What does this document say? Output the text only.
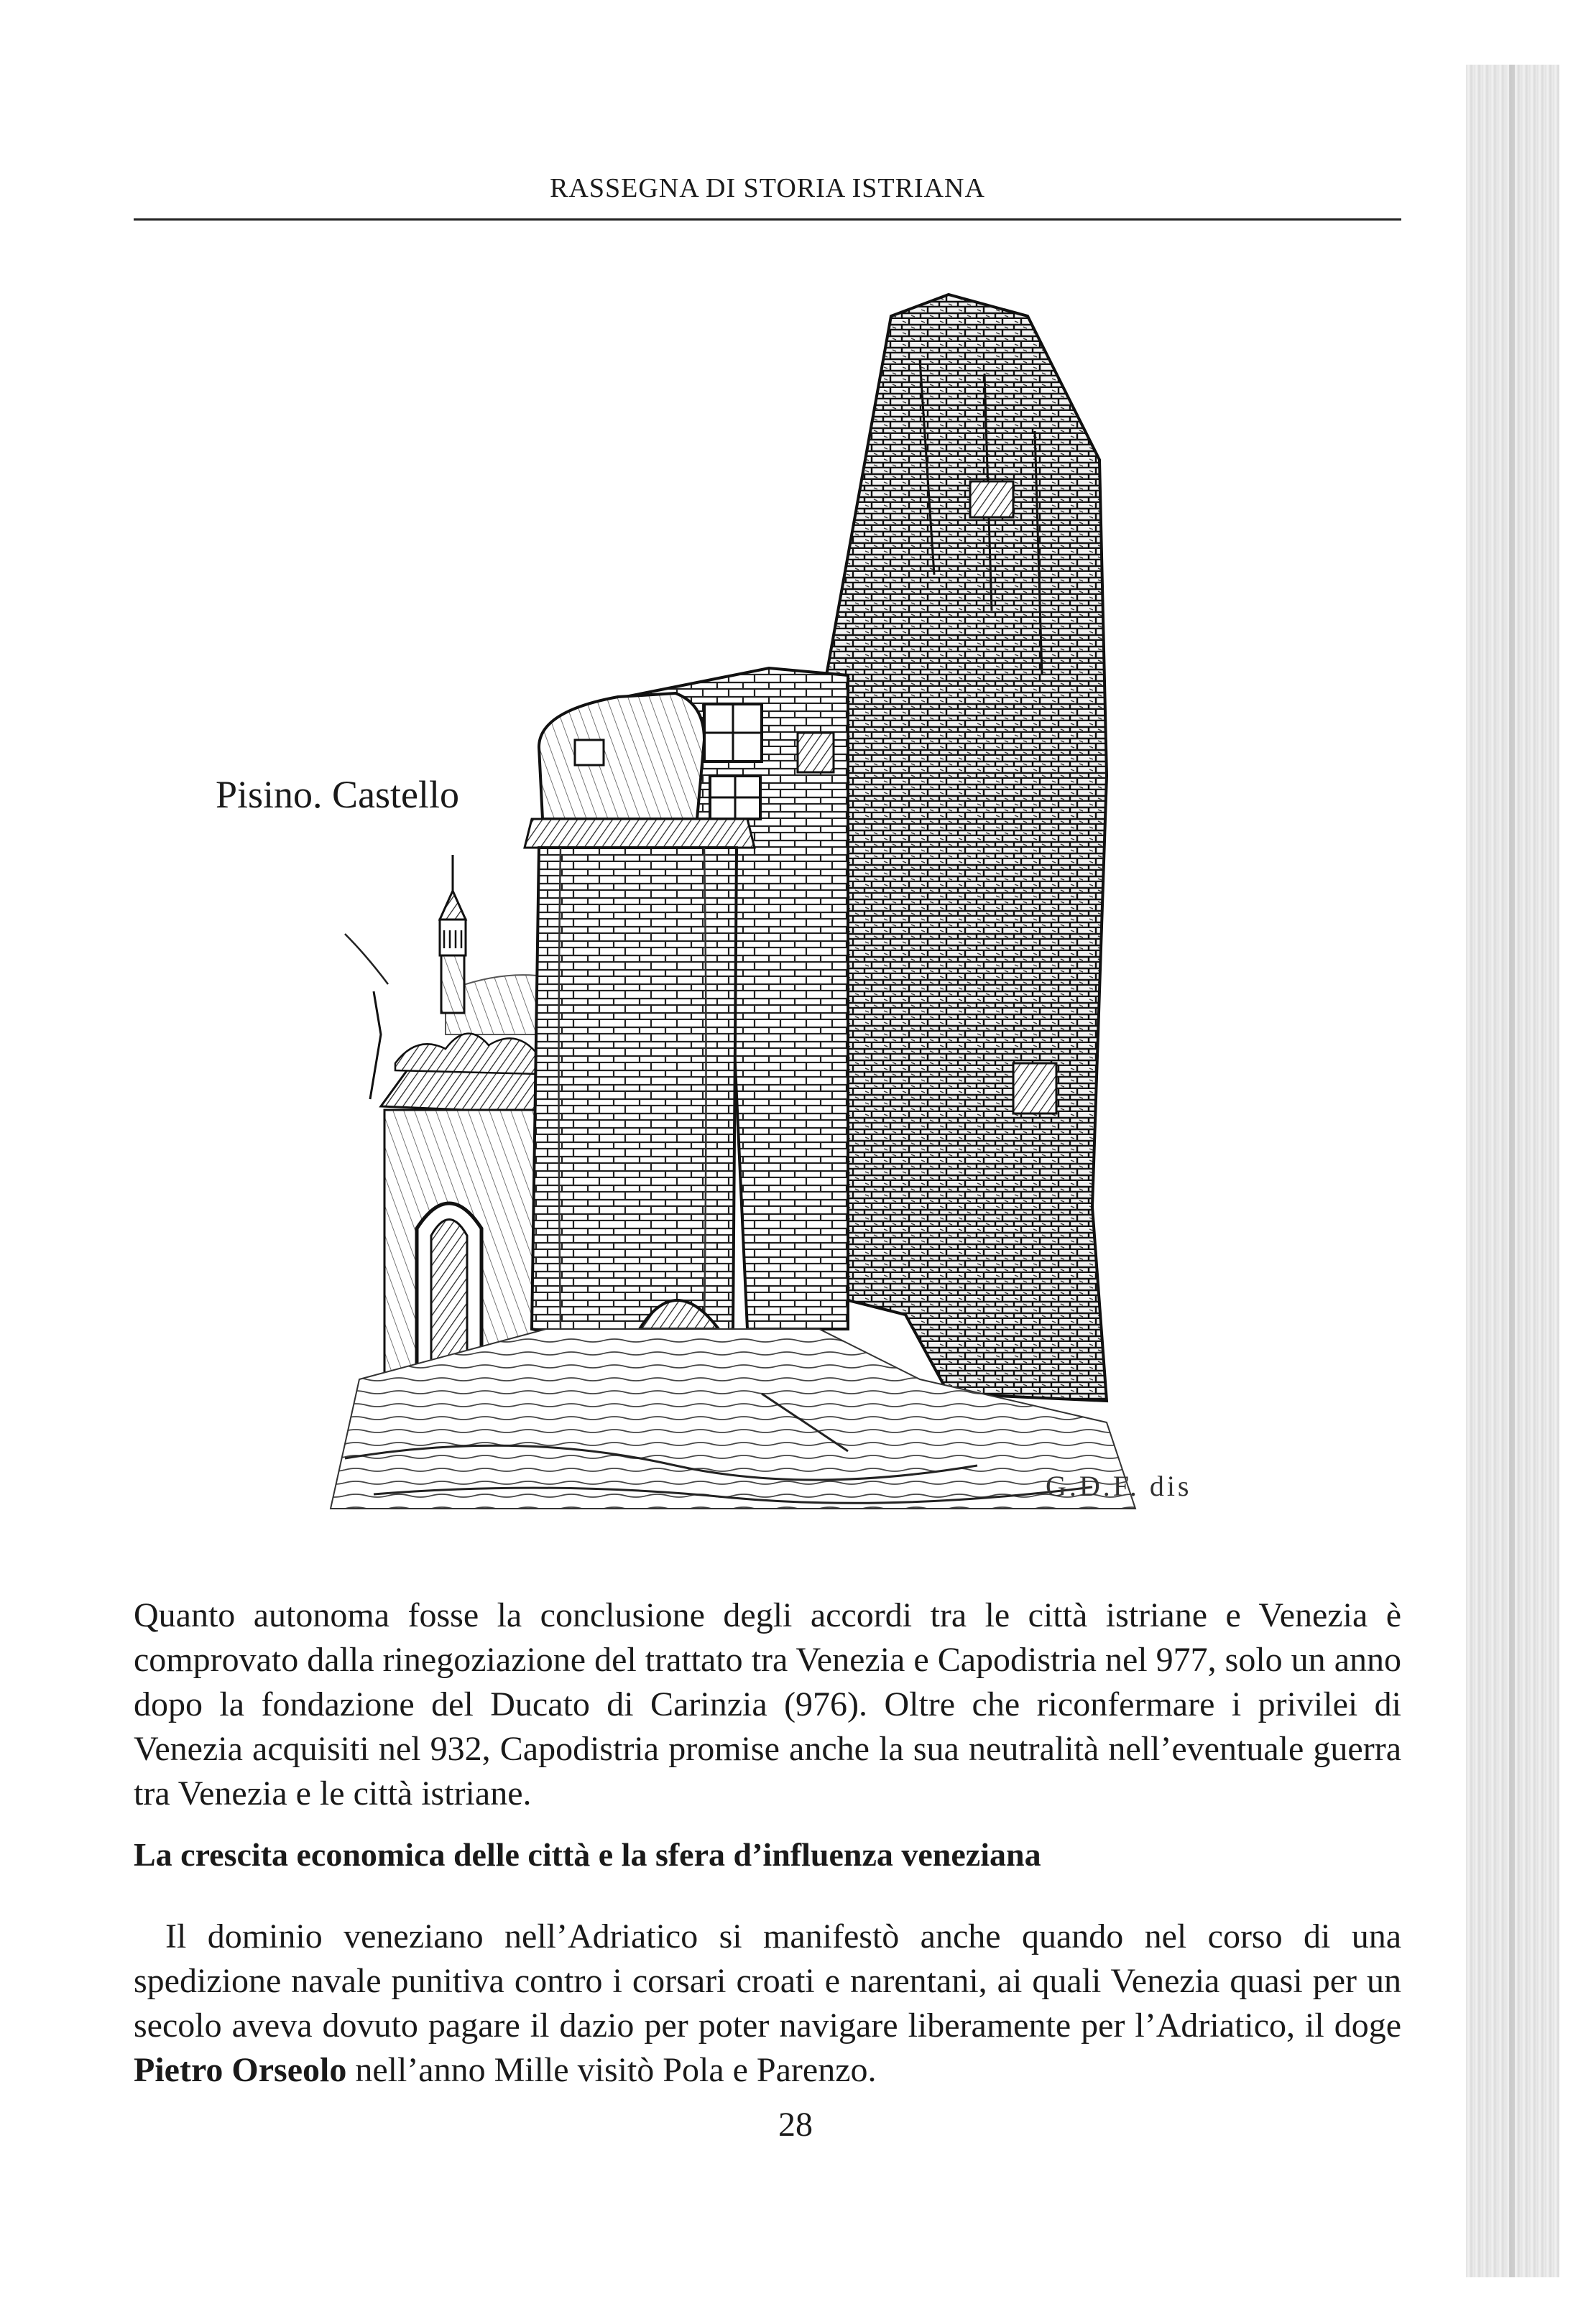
RASSEGNA DI STORIA ISTRIANA
Pisino. Castello
G.D.F. dis

Quanto autonoma fosse la conclusione degli accordi tra le città istriane e Venezia è comprovato dalla rinegoziazione del trattato tra Venezia e Capodistria nel 977, solo un anno dopo la fondazione del Ducato di Carinzia (976). Oltre che riconfermare i privilei di Venezia acquisiti nel 932, Capodistria promise anche la sua neutralità nell’eventuale guerra tra Venezia e le città istriane.

La crescita economica delle città e la sfera d’influenza veneziana

Il dominio veneziano nell’Adriatico si manifestò anche quando nel corso di una spedizione navale punitiva contro i corsari croati e narentani, ai quali Venezia quasi per un secolo aveva dovuto pagare il dazio per poter navigare liberamente per l’Adriatico, il doge Pietro Orseolo nell’anno Mille visitò Pola e Parenzo.

28
